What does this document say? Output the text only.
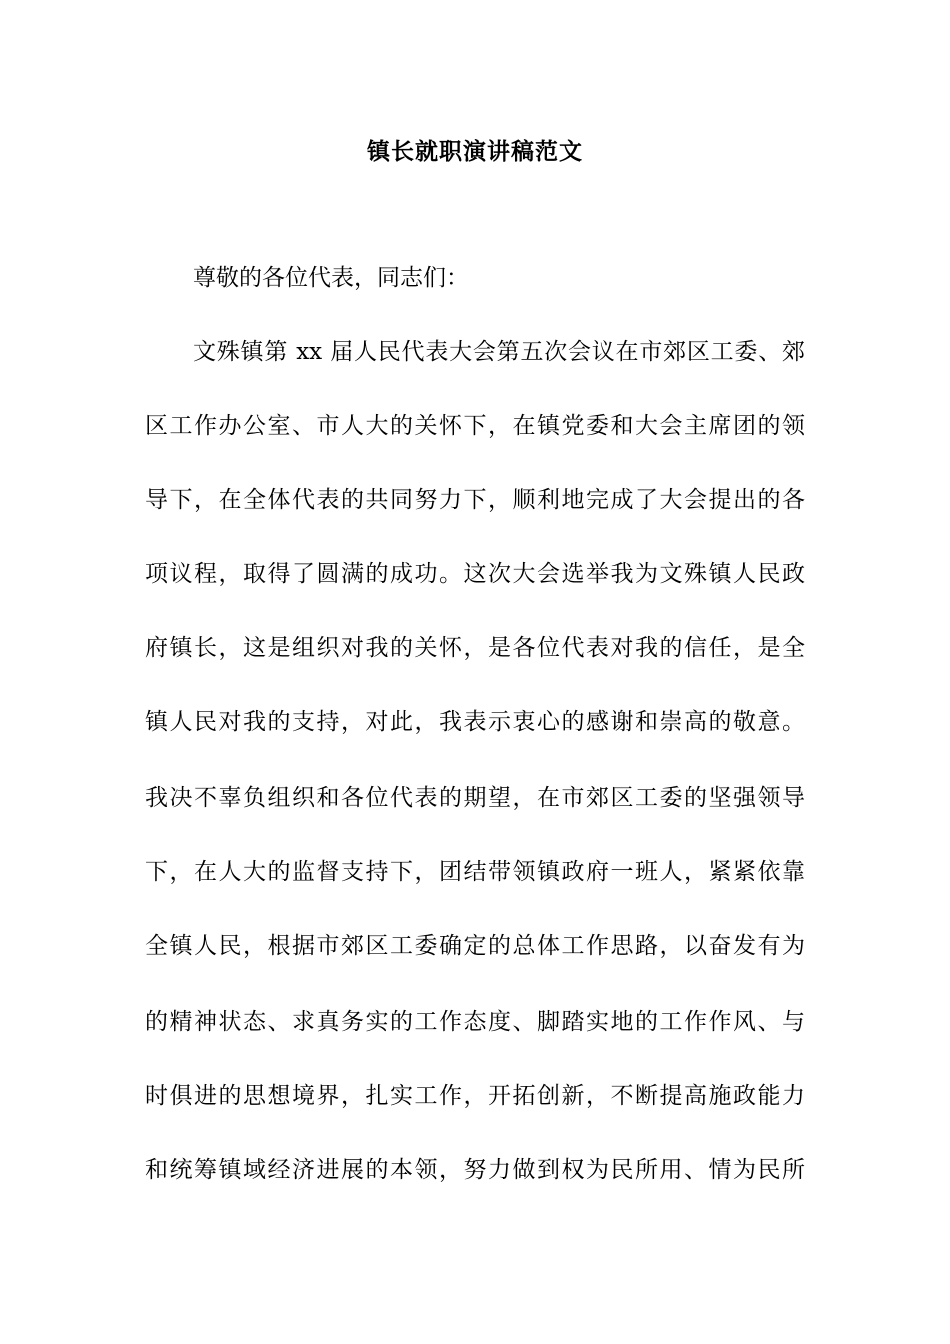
镇长就职演讲稿范文

尊敬的各位代表，同志们：

文殊镇第 xx 届人民代表大会第五次会议在市郊区工委、郊

区工作办公室、市人大的关怀下，在镇党委和大会主席团的领

导下，在全体代表的共同努力下，顺利地完成了大会提出的各

项议程，取得了圆满的成功。这次大会选举我为文殊镇人民政

府镇长，这是组织对我的关怀，是各位代表对我的信任，是全

镇人民对我的支持，对此，我表示衷心的感谢和崇高的敬意。

我决不辜负组织和各位代表的期望，在市郊区工委的坚强领导

下，在人大的监督支持下，团结带领镇政府一班人，紧紧依靠

全镇人民，根据市郊区工委确定的总体工作思路，以奋发有为

的精神状态、求真务实的工作态度、脚踏实地的工作作风、与

时俱进的思想境界，扎实工作，开拓创新，不断提高施政能力

和统筹镇域经济进展的本领，努力做到权为民所用、情为民所
